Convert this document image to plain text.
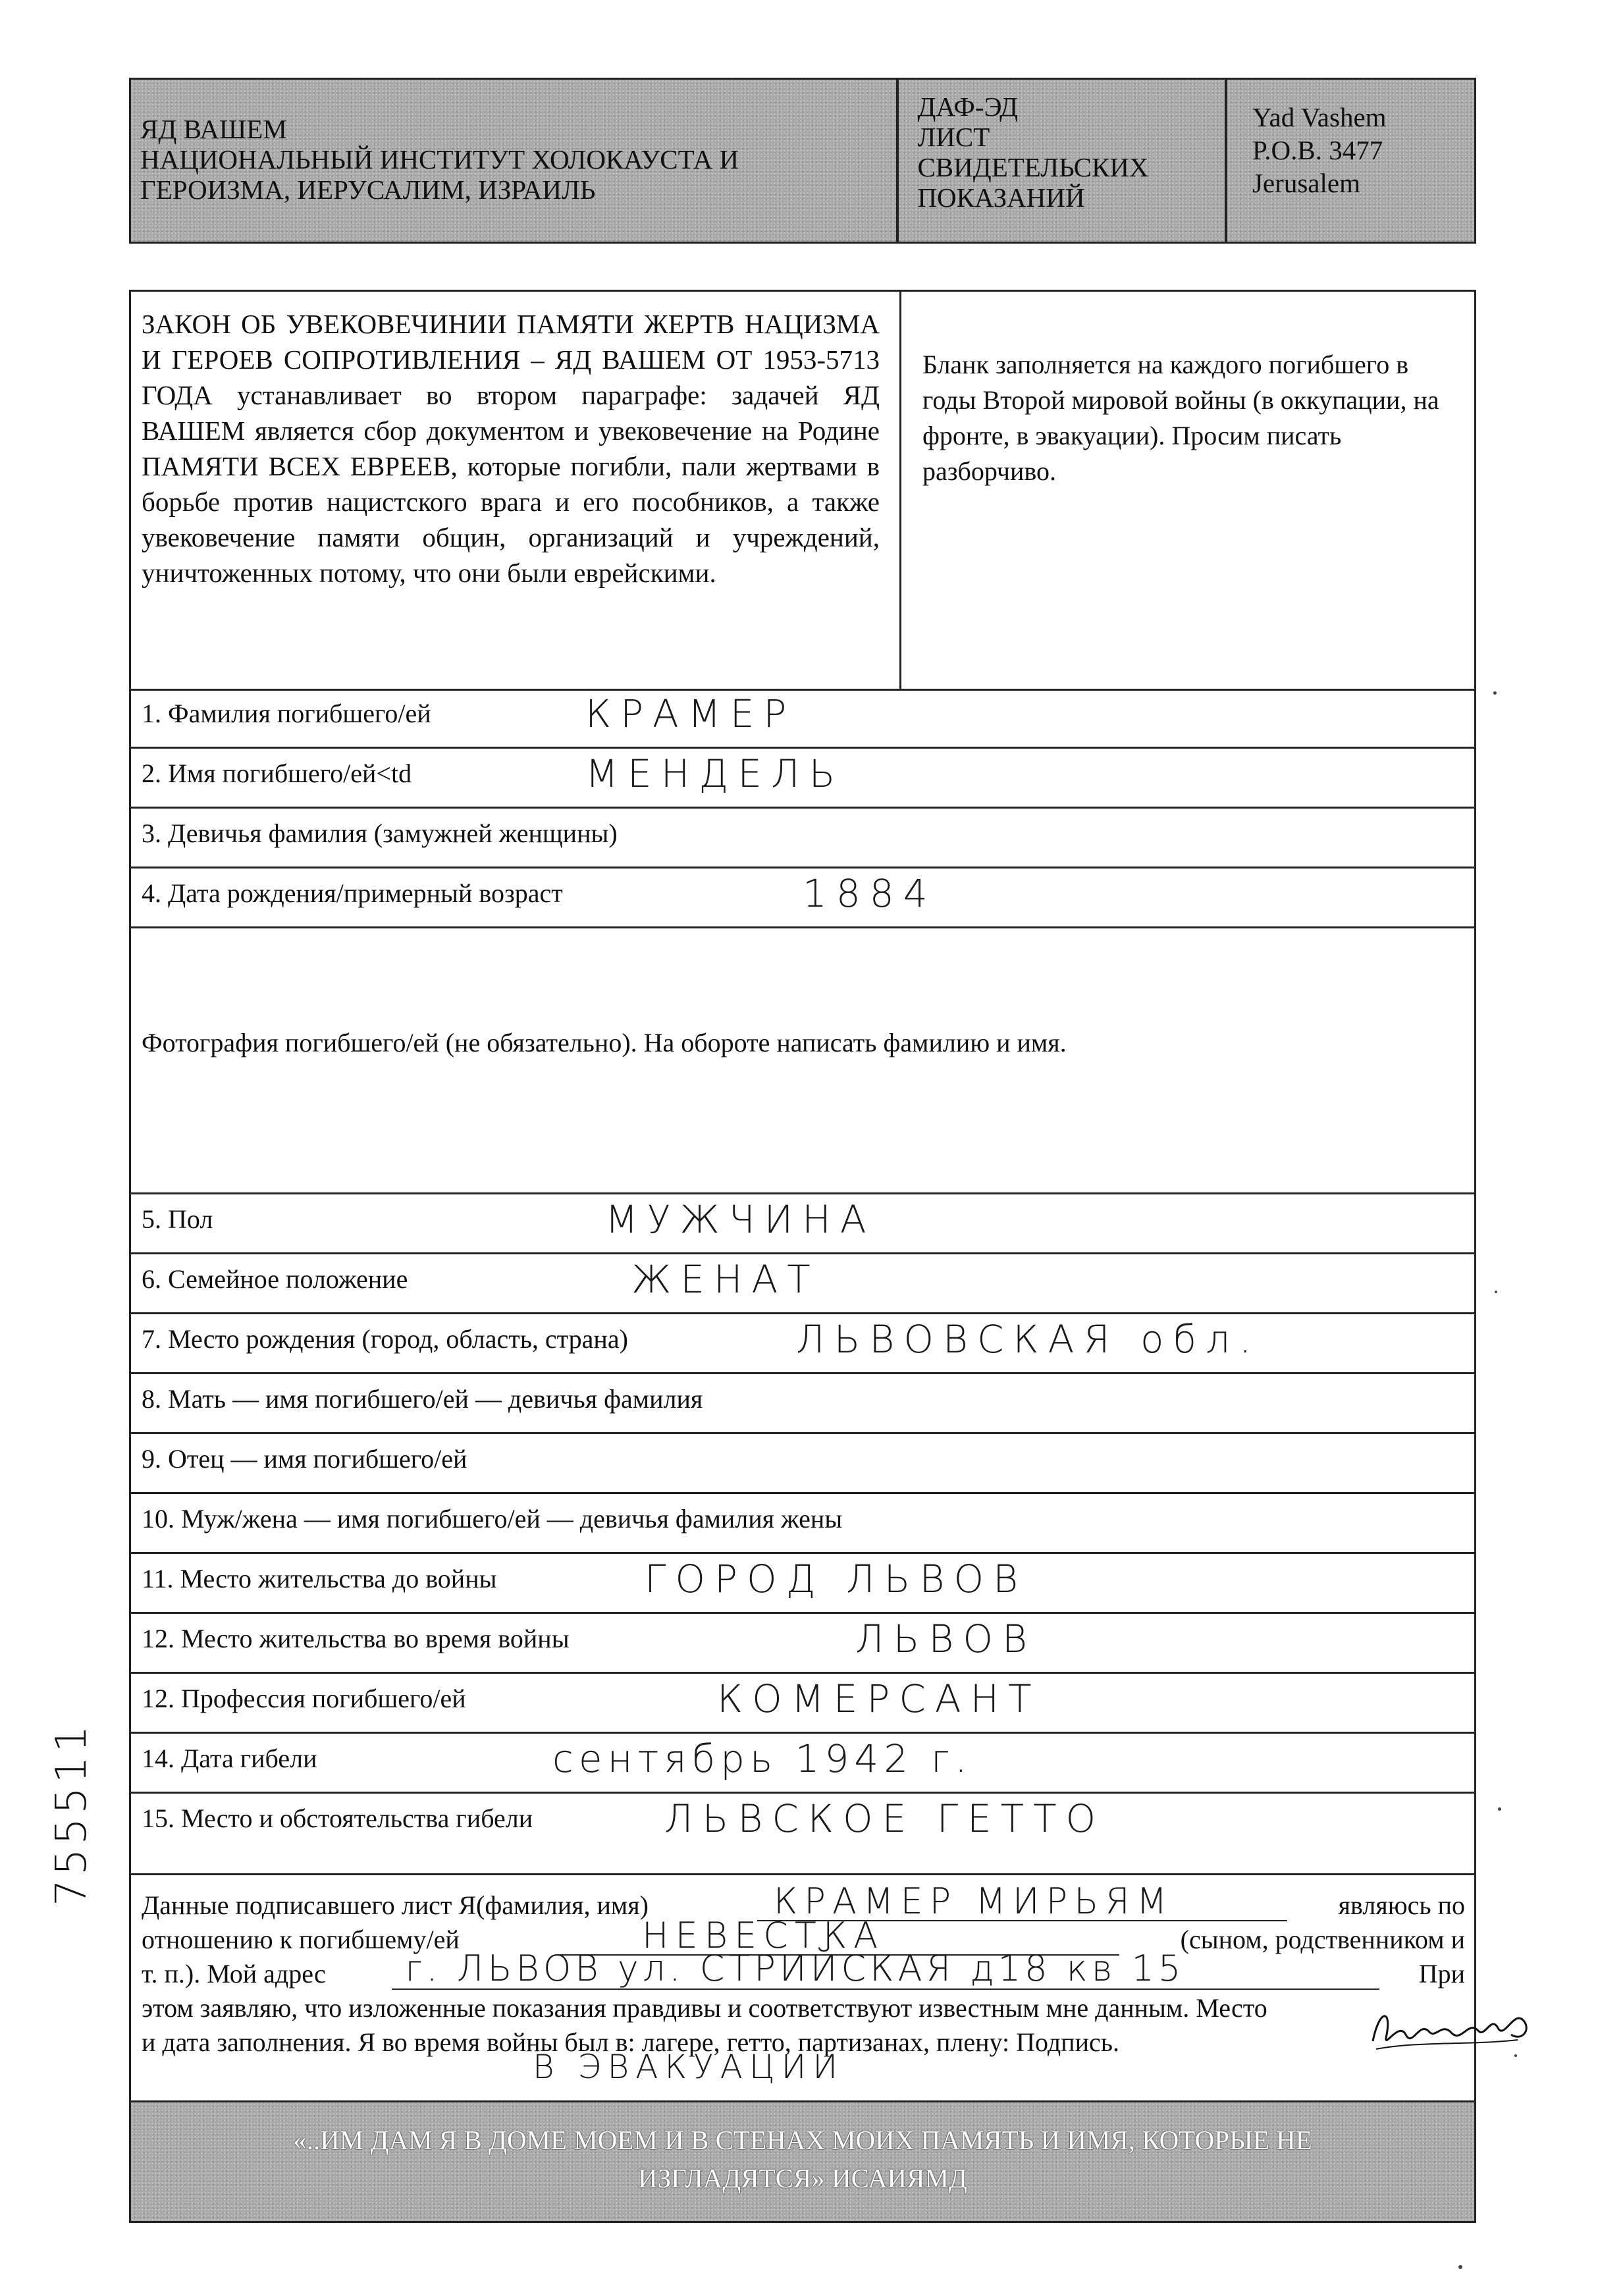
ЯД ВАШЕМ
НАЦИОНАЛЬНЫЙ ИНСТИТУТ ХОЛОКАУСТА И
ГЕРОИЗМА, ИЕРУСАЛИМ, ИЗРАИЛЬ
ДАФ-ЭД
ЛИСТ
СВИДЕТЕЛЬСКИХ
ПОКАЗАНИЙ
Yad Vashem
P.O.B. 3477
Jerusalem
ЗАКОН ОБ УВЕКОВЕЧИНИИ ПАМЯТИ ЖЕРТВ НАЦИЗМА И ГЕРОЕВ СОПРОТИВЛЕНИЯ – ЯД ВАШЕМ ОТ 1953-5713 ГОДА устанавливает во втором параграфе: задачей ЯД ВАШЕМ является сбор документом и увековечение на Родине ПАМЯТИ ВСЕХ ЕВРЕЕВ, которые погибли, пали жертвами в борьбе против нацистского врага и его пособников, а также увековечение памяти общин, организаций и учреждений, уничтоженных потому, что они были еврейскими.
Бланк заполняется на каждого погибшего в годы Второй мировой войны (в оккупации, на фронте, в эвакуации). Просим писать разборчиво.
1. Фамилия погибшего/ей	КРАМЕР
2. Имя погибшего/ей<td	МЕНДЕЛЬ
3. Девичья фамилия (замужней женщины)
4. Дата рождения/примерный возраст	1884
Фотография погибшего/ей (не обязательно). На обороте написать фамилию и имя.
5. Пол	МУЖЧИНА
6. Семейное положение	ЖЕНАТ
7. Место рождения (город, область, страна)	ЛЬВОВСКАЯ обл.
8. Мать — имя погибшего/ей — девичья фамилия
9. Отец — имя погибшего/ей
10. Муж/жена — имя погибшего/ей — девичья фамилия жены
11. Место жительства до войны	ГОРОД ЛЬВОВ
12. Место жительства во время войны	ЛЬВОВ
12. Профессия погибшего/ей	КОМЕРСАНТ
14. Дата гибели	сентябрь 1942 г.
15. Место и обстоятельства гибели	ЛЬВСКОЕ ГЕТТО
Данные подписавшего лист Я(фамилия, имя)	КРАМЕР МИРЬЯМ	являюсь по
отношению к погибшему/ей	НЕВЕСТКА	(сыном, родственником и
т. п.). Мой адрес г. ЛЬВОВ ул. СТРИЙСКАЯ д18 кв 15	При
этом заявляю, что изложенные показания правдивы и соответствуют известным мне данным. Место
и дата заполнения. Я во время войны был в: лагере, гетто, партизанах, плену: Подпись.
В ЭВАКУАЦИИ
«..ИМ ДАМ Я В ДОМЕ МОЕМ И В СТЕНАХ МОИХ ПАМЯТЬ И ИМЯ, КОТОРЫЕ НЕ
ИЗГЛАДЯТСЯ» ИСАИЯМД
755511
